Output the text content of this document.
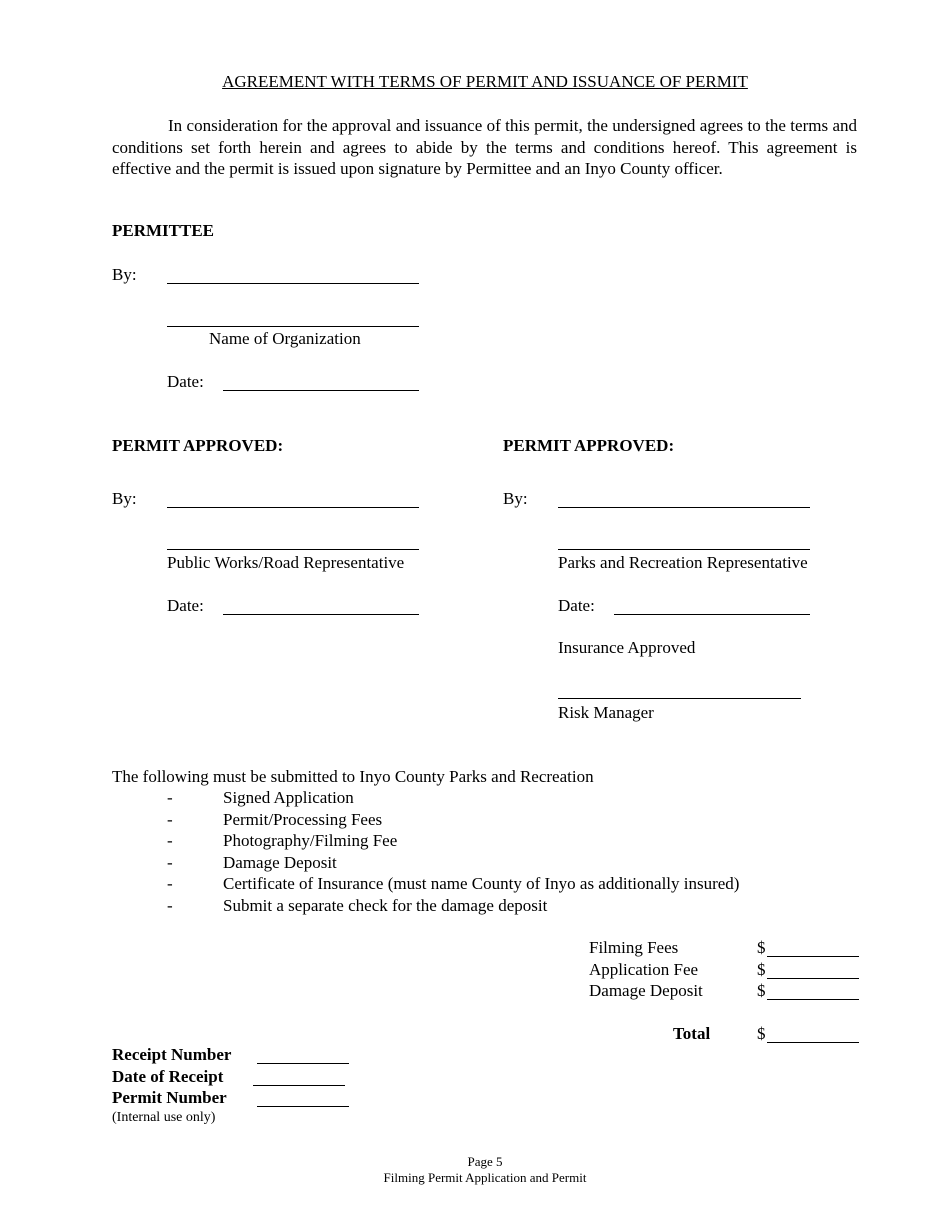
AGREEMENT WITH TERMS OF PERMIT AND ISSUANCE OF PERMIT
In consideration for the approval and issuance of this permit, the undersigned agrees to the terms and conditions set forth herein and agrees to abide by the terms and conditions hereof. This agreement is effective and the permit is issued upon signature by Permittee and an Inyo County officer.
PERMITTEE
By:
Name of Organization
Date:
PERMIT APPROVED:
By:
Public Works/Road Representative
Date:
PERMIT APPROVED:
By:
Parks and Recreation Representative
Date:
Insurance Approved
Risk Manager
The following must be submitted to Inyo County Parks and Recreation
-	Signed Application
-	Permit/Processing Fees
-	Photography/Filming Fee
-	Damage Deposit
-	Certificate of Insurance (must name County of Inyo as additionally insured)
-	Submit a separate check for the damage deposit
Filming Fees	$
Application Fee	$
Damage Deposit	$
Total	$
Receipt Number
Date of Receipt
Permit Number
(Internal use only)
Page 5
Filming Permit Application and Permit
